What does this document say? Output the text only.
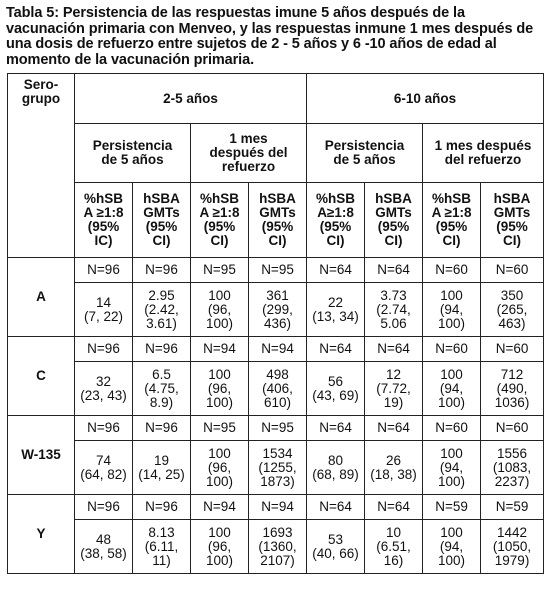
Tabla 5: Persistencia de las respuestas imune 5 años después de la vacunación primaria con Menveo, y las respuestas inmune 1 mes después de una dosis de refuerzo entre sujetos de 2 - 5 años y 6 -10 años de edad al momento de la vacunación primaria.
Sero-
grupo	2-5 años				6-10 años			
	Persistencia
de 5 años		1 mes
después del
refuerzo		Persistencia
de 5 años		1 mes después
del refuerzo	
	%hSB
A ≥1:8
(95%
IC)	hSBA
GMTs
(95%
CI)	%hSB
A ≥1:8
(95%
CI)	hSBA
GMTs
(95%
CI)	%hSB
A≥1:8
(95%
CI)	hSBA
GMTs
(95%
CI)	%hSB
A ≥1:8
(95%
CI)	hSBA
GMTs
(95%
CI)
A	N=96	N=96	N=95	N=95	N=64	N=64	N=60	N=60
	14
(7, 22)	2.95
(2.42,
3.61)	100
(96,
100)	361
(299,
436)	22
(13, 34)	3.73
(2.74,
5.06	100
(94,
100)	350
(265,
463)
C	N=96	N=96	N=94	N=94	N=64	N=64	N=60	N=60
	32
(23, 43)	6.5
(4.75,
8.9)	100
(96,
100)	498
(406,
610)	56
(43, 69)	12
(7.72,
19)	100
(94,
100)	712
(490,
1036)
W-135	N=96	N=96	N=95	N=95	N=64	N=64	N=60	N=60
	74
(64, 82)	19
(14, 25)	100
(96,
100)	1534
(1255,
1873)	80
(68, 89)	26
(18, 38)	100
(94,
100)	1556
(1083,
2237)
Y	N=96	N=96	N=94	N=94	N=64	N=64	N=59	N=59
	48
(38, 58)	8.13
(6.11,
11)	100
(96,
100)	1693
(1360,
2107)	53
(40, 66)	10
(6.51,
16)	100
(94,
100)	1442
(1050,
1979)
